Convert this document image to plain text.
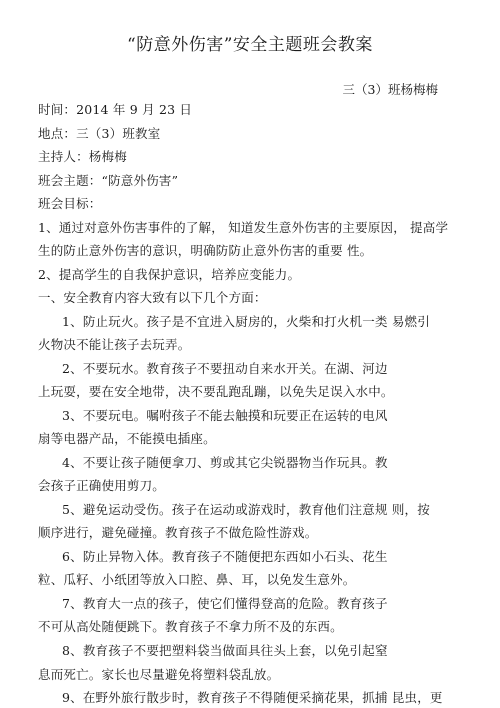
“防意外伤害”安全主题班会教案
三（3）班杨梅梅
时间：2014 年 9 月 23 日
地点：三（3）班教室
主持人：杨梅梅
班会主题：“防意外伤害”
班会目标：
1、通过对意外伤害事件的了解， 知道发生意外伤害的主要原因， 提高学
生的防止意外伤害的意识，明确防防止意外伤害的重要 性。
2、提高学生的自我保护意识，培养应变能力。
一、安全教育内容大致有以下几个方面：
1、防止玩火。孩子是不宜进入厨房的，火柴和打火机一类 易燃引
火物决不能让孩子去玩弄。
2、不要玩水。教育孩子不要扭动自来水开关。在湖、河边
上玩耍，要在安全地带，决不要乱跑乱蹦，以免失足误入水中。
3、不要玩电。嘱咐孩子不能去触摸和玩要正在运转的电风
扇等电器产品，不能摸电插座。
4、不要让孩子随便拿刀、剪或其它尖锐器物当作玩具。教
会孩子正确使用剪刀。
5、避免运动受伤。孩子在运动或游戏时，教育他们注意规 则，按
顺序进行，避免碰撞。教育孩子不做危险性游戏。
6、防止异物入体。教育孩子不随便把东西如小石头、花生
粒、瓜籽、小纸团等放入口腔、鼻、耳，以免发生意外。
7、教育大一点的孩子，使它们懂得登高的危险。教育孩子
不可从高处随便跳下。教育孩子不拿力所不及的东西。
8、教育孩子不要把塑料袋当做面具往头上套，以免引起窒
息而死亡。家长也尽量避免将塑料袋乱放。
9、在野外旅行散步时，教育孩子不得随便采摘花果，抓捕 昆虫，更
